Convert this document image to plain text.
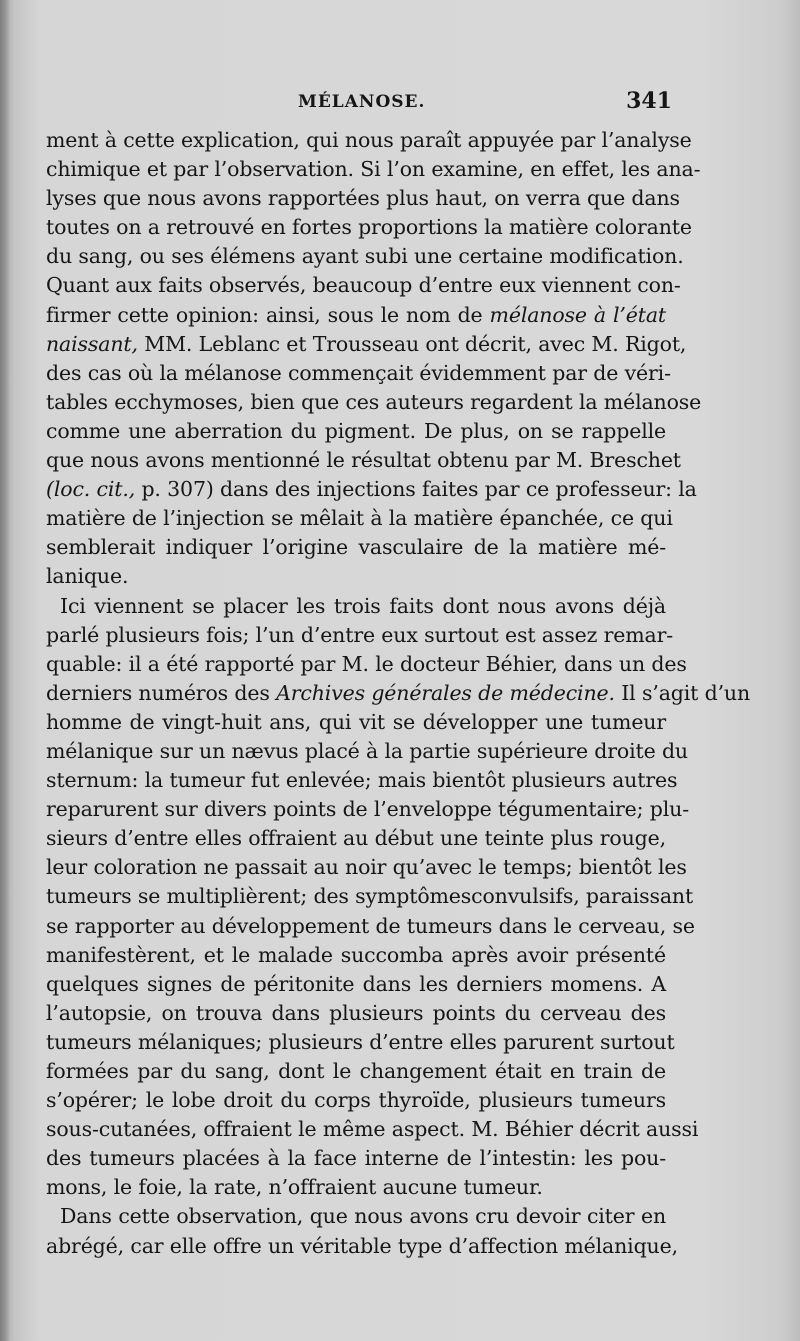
MÉLANOSE.	341
ment à cette explication, qui nous paraît appuyée par l’analyse
chimique et par l’observation. Si l’on examine, en effet, les ana-
lyses que nous avons rapportées plus haut, on verra que dans
toutes on a retrouvé en fortes proportions la matière colorante
du sang, ou ses élémens ayant subi une certaine modification.
Quant aux faits observés, beaucoup d’entre eux viennent con-
firmer cette opinion: ainsi, sous le nom de mélanose à l’état
naissant, MM. Leblanc et Trousseau ont décrit, avec M. Rigot,
des cas où la mélanose commençait évidemment par de véri-
tables ecchymoses, bien que ces auteurs regardent la mélanose
comme une aberration du pigment. De plus, on se rappelle
que nous avons mentionné le résultat obtenu par M. Breschet
(loc. cit., p. 307) dans des injections faites par ce professeur: la
matière de l’injection se mêlait à la matière épanchée, ce qui
semblerait indiquer l’origine vasculaire de la matière mé-
lanique.
Ici viennent se placer les trois faits dont nous avons déjà
parlé plusieurs fois; l’un d’entre eux surtout est assez remar-
quable: il a été rapporté par M. le docteur Béhier, dans un des
derniers numéros des Archives générales de médecine. Il s’agit d’un
homme de vingt-huit ans, qui vit se développer une tumeur
mélanique sur un nævus placé à la partie supérieure droite du
sternum: la tumeur fut enlevée; mais bientôt plusieurs autres
reparurent sur divers points de l’enveloppe tégumentaire; plu-
sieurs d’entre elles offraient au début une teinte plus rouge,
leur coloration ne passait au noir qu’avec le temps; bientôt les
tumeurs se multiplièrent; des symptômesconvulsifs, paraissant
se rapporter au développement de tumeurs dans le cerveau, se
manifestèrent, et le malade succomba après avoir présenté
quelques signes de péritonite dans les derniers momens. A
l’autopsie, on trouva dans plusieurs points du cerveau des
tumeurs mélaniques; plusieurs d’entre elles parurent surtout
formées par du sang, dont le changement était en train de
s’opérer; le lobe droit du corps thyroïde, plusieurs tumeurs
sous-cutanées, offraient le même aspect. M. Béhier décrit aussi
des tumeurs placées à la face interne de l’intestin: les pou-
mons, le foie, la rate, n’offraient aucune tumeur.
Dans cette observation, que nous avons cru devoir citer en
abrégé, car elle offre un véritable type d’affection mélanique,
